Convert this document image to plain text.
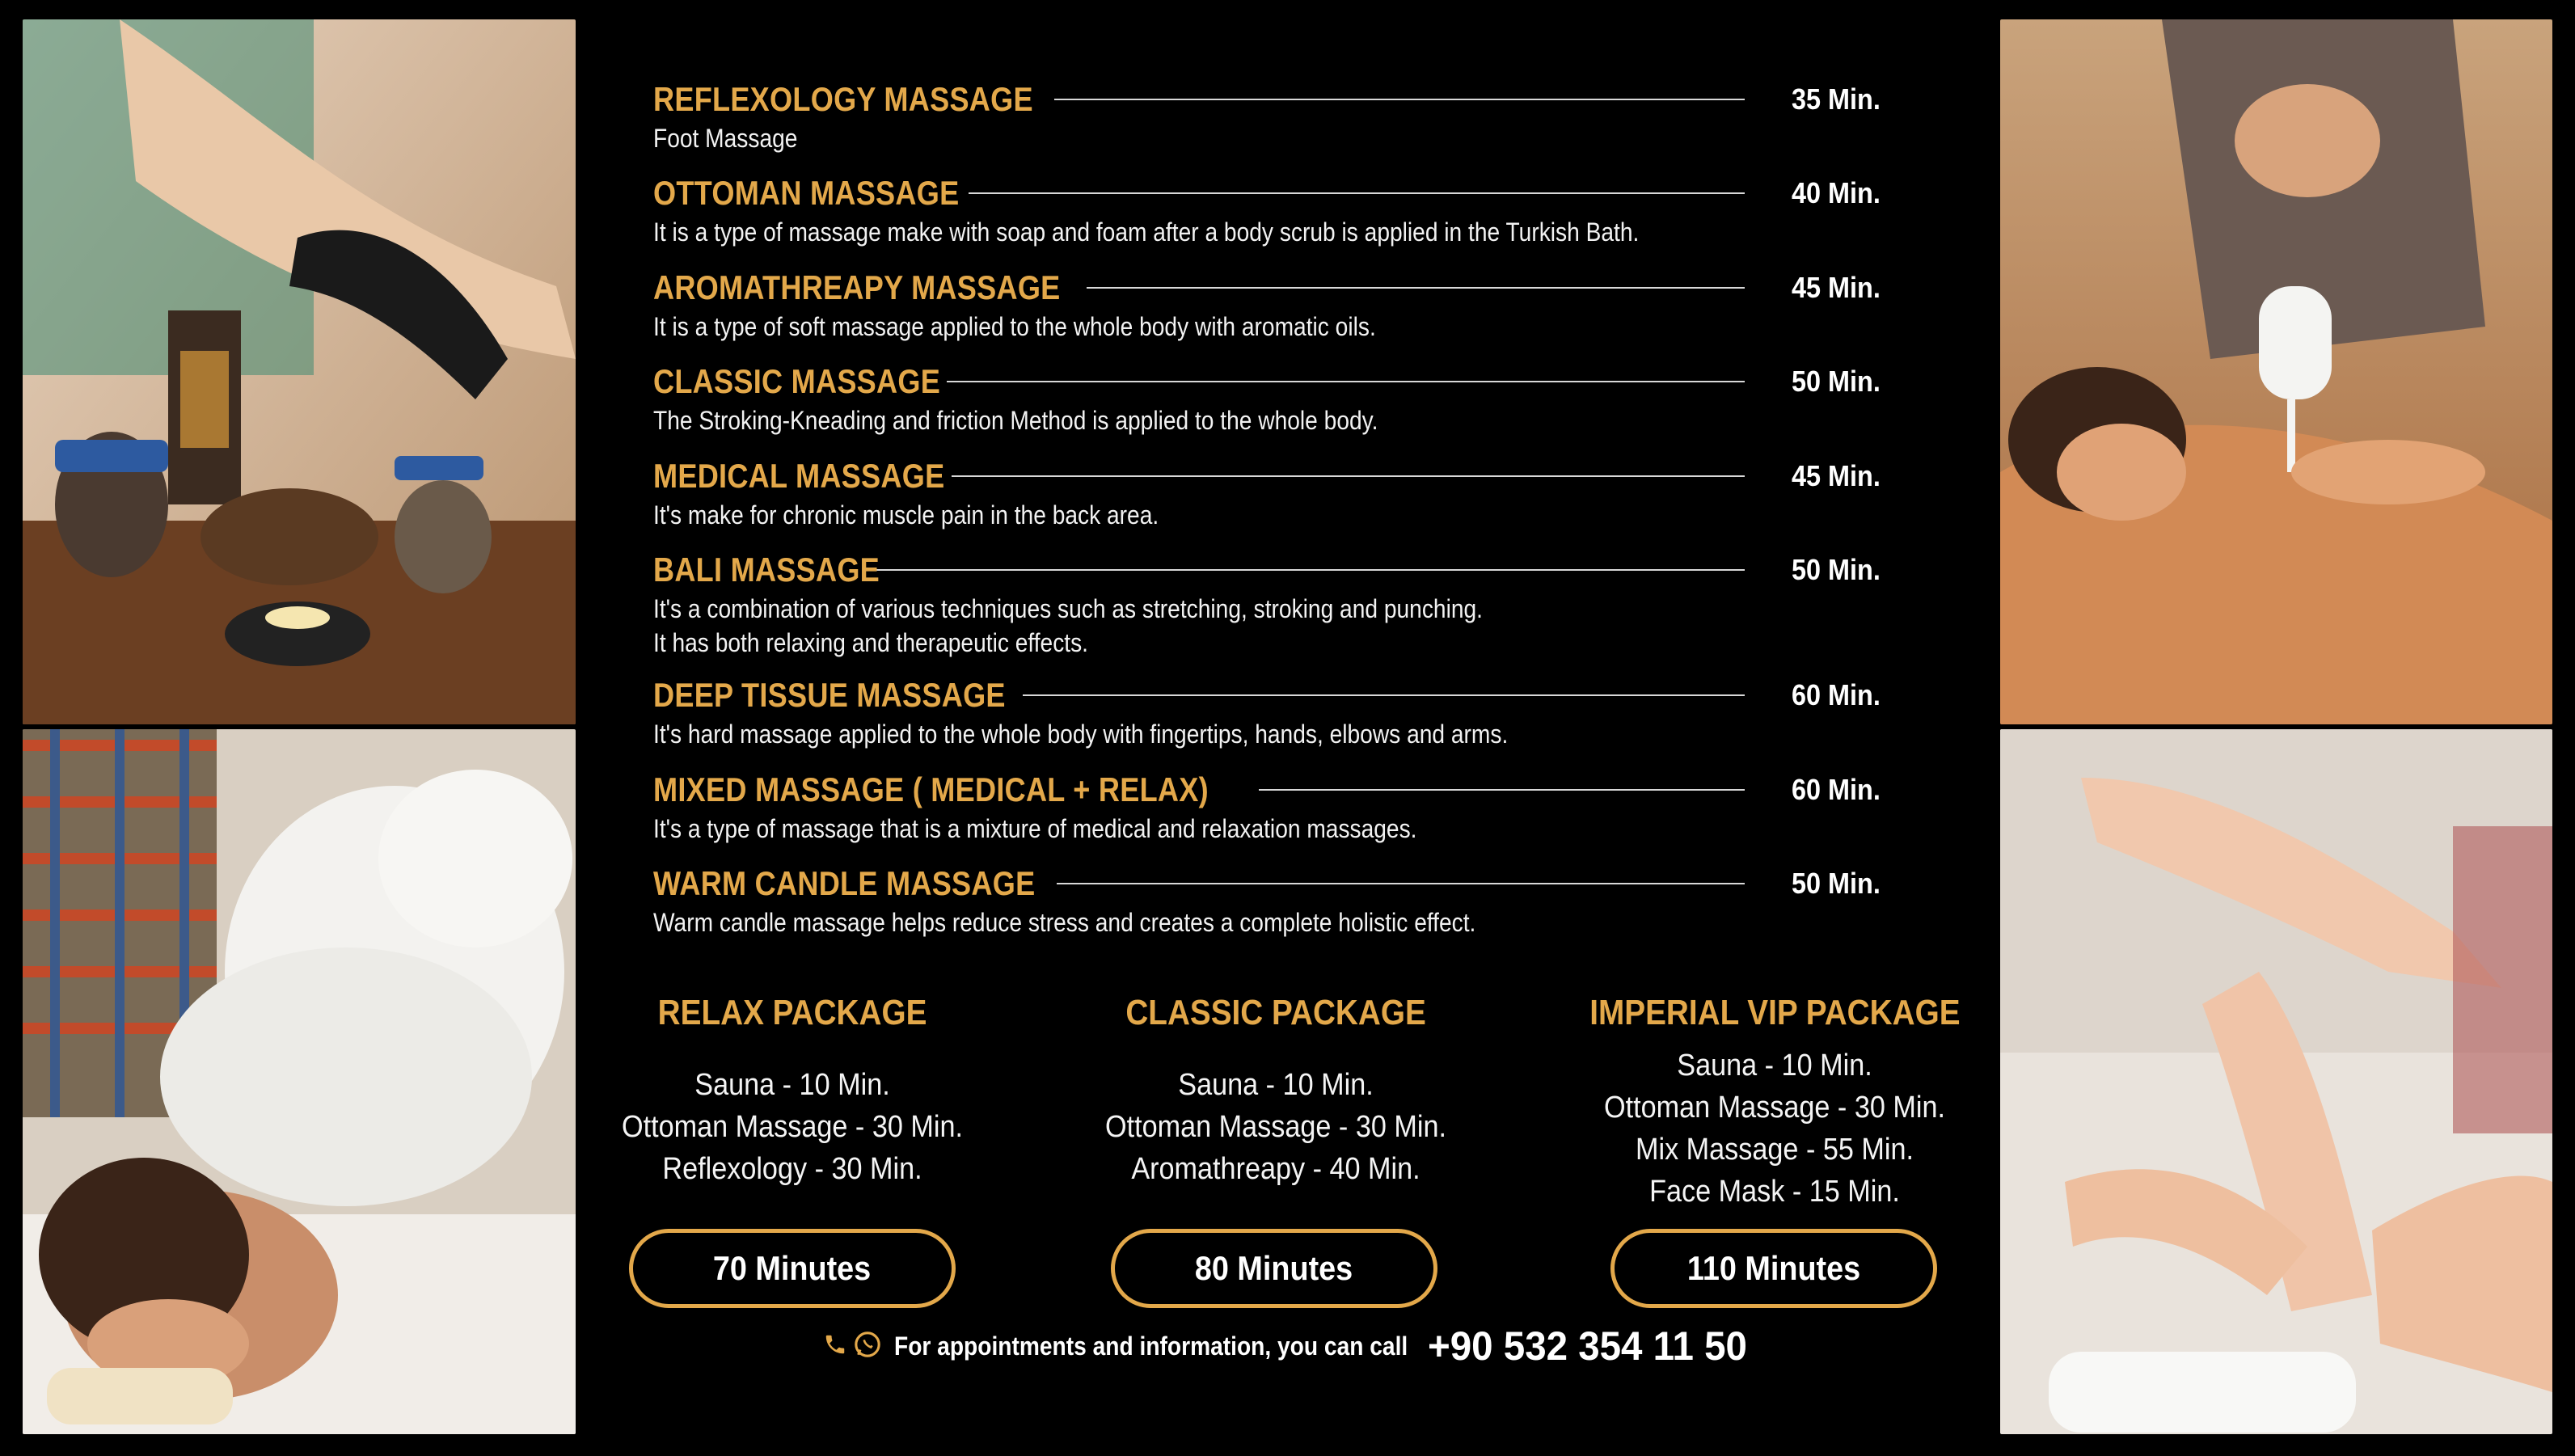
REFLEXOLOGY MASSAGE	35 Min.
Foot Massage
OTTOMAN MASSAGE	40 Min.
It is a type of massage make with soap and foam after a body scrub is applied in the Turkish Bath.
AROMATHREAPY MASSAGE	45 Min.
It is a type of soft massage applied to the whole body with aromatic oils.
CLASSIC MASSAGE	50 Min.
The Stroking-Kneading and friction Method is applied to the whole body.
MEDICAL MASSAGE	45 Min.
It's make for chronic muscle pain in the back area.
BALI MASSAGE	50 Min.
It's a combination of various techniques such as stretching, stroking and punching.
It has both relaxing and therapeutic effects.
DEEP TISSUE MASSAGE	60 Min.
It's hard massage applied to the whole body with fingertips, hands, elbows and arms.
MIXED MASSAGE ( MEDICAL + RELAX)	60 Min.
It's a type of massage that is a mixture of medical and relaxation massages.
WARM CANDLE MASSAGE	50 Min.
Warm candle massage helps reduce stress and creates a complete holistic effect.
RELAX PACKAGE
Sauna - 10 Min.
Ottoman Massage - 30 Min.
Reflexology - 30 Min.
70 Minutes
CLASSIC PACKAGE
Sauna - 10 Min.
Ottoman Massage - 30 Min.
Aromathreapy - 40 Min.
80 Minutes
IMPERIAL VIP PACKAGE
Sauna - 10 Min.
Ottoman Massage - 30 Min.
Mix Massage - 55 Min.
Face Mask - 15 Min.
110 Minutes
For appointments and information, you can call +90 532 354 11 50
